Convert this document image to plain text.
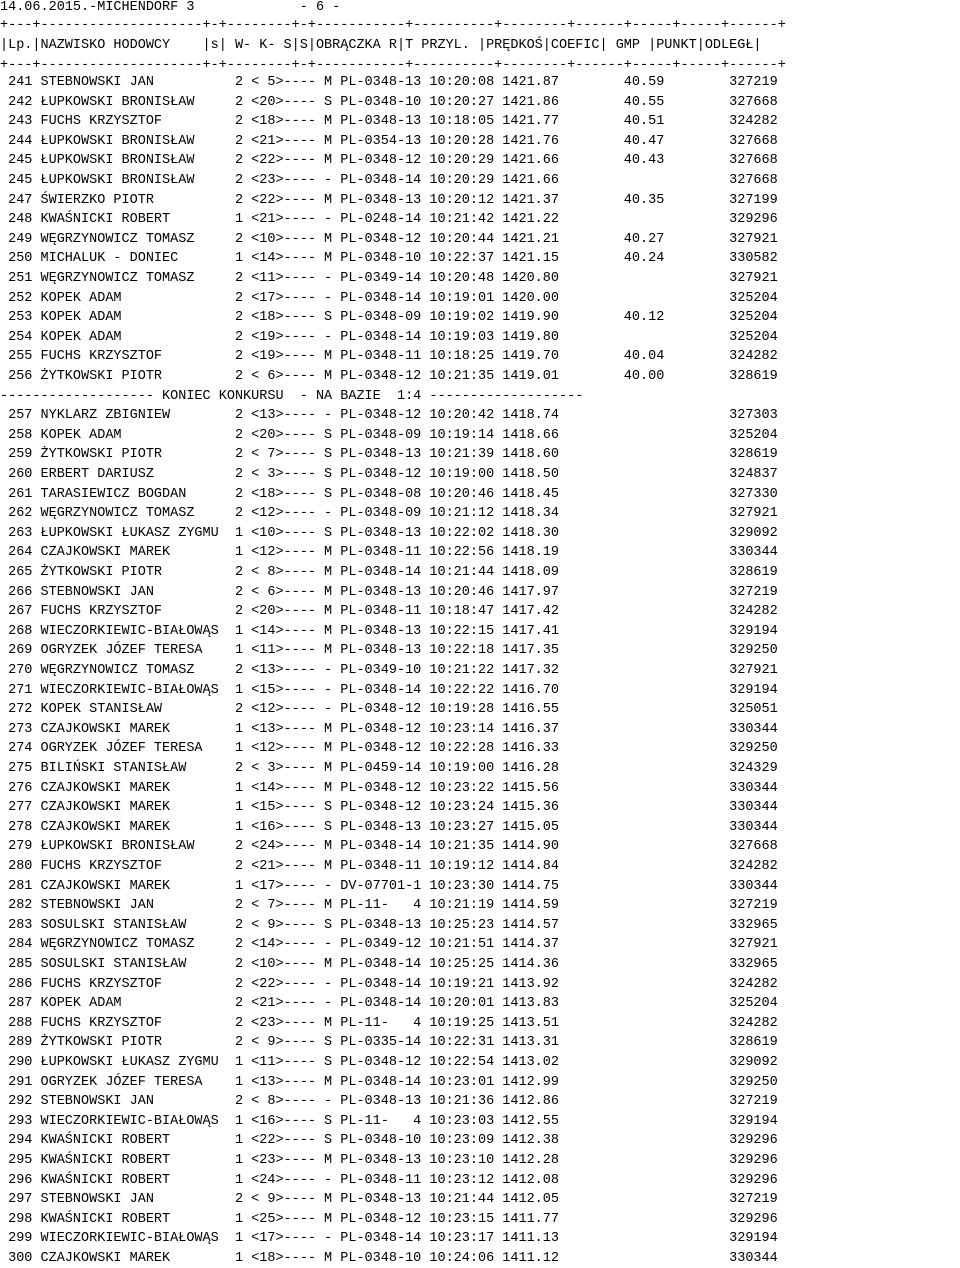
14.06.2015.-MICHENDORF 3	- 6 -
+---+--------------------+-+--------+-+-----------+----------+--------+------+-----+-----+------+
|Lp.|NAZWISKO HODOWCY    |s| W- K- S|S|OBRĄCZKA R|T PRZYL. |PRĘDKOŚ|COEFIC| GMP |PUNKT|ODLEGŁ|
+---+--------------------+-+--------+-+-----------+----------+--------+------+-----+-----+------+
241 STEBNOWSKI JAN          2 < 5>---- M PL-0348-13 10:20:08 1421.87        40.59        327219
242 ŁUPKOWSKI BRONISŁAW     2 <20>---- S PL-0348-10 10:20:27 1421.86        40.55        327668
243 FUCHS KRZYSZTOF         2 <18>---- M PL-0348-13 10:18:05 1421.77        40.51        324282
244 ŁUPKOWSKI BRONISŁAW     2 <21>---- M PL-0354-13 10:20:28 1421.76        40.47        327668
245 ŁUPKOWSKI BRONISŁAW     2 <22>---- M PL-0348-12 10:20:29 1421.66        40.43        327668
245 ŁUPKOWSKI BRONISŁAW     2 <23>---- - PL-0348-14 10:20:29 1421.66                     327668
247 ŚWIERZKO PIOTR          2 <22>---- M PL-0348-13 10:20:12 1421.37        40.35        327199
248 KWAŚNICKI ROBERT        1 <21>---- - PL-0248-14 10:21:42 1421.22                     329296
249 WĘGRZYNOWICZ TOMASZ     2 <10>---- M PL-0348-12 10:20:44 1421.21        40.27        327921
250 MICHALUK - DONIEC       1 <14>---- M PL-0348-10 10:22:37 1421.15        40.24        330582
251 WĘGRZYNOWICZ TOMASZ     2 <11>---- - PL-0349-14 10:20:48 1420.80                     327921
252 KOPEK ADAM              2 <17>---- - PL-0348-14 10:19:01 1420.00                     325204
253 KOPEK ADAM              2 <18>---- S PL-0348-09 10:19:02 1419.90        40.12        325204
254 KOPEK ADAM              2 <19>---- - PL-0348-14 10:19:03 1419.80                     325204
255 FUCHS KRZYSZTOF         2 <19>---- M PL-0348-11 10:18:25 1419.70        40.04        324282
256 ŻYTKOWSKI PIOTR         2 < 6>---- M PL-0348-12 10:21:35 1419.01        40.00        328619
------------------- KONIEC KONKURSU  - NA BAZIE  1:4 -------------------
257 NYKLARZ ZBIGNIEW        2 <13>---- - PL-0348-12 10:20:42 1418.74                     327303
258 KOPEK ADAM              2 <20>---- S PL-0348-09 10:19:14 1418.66                     325204
259 ŻYTKOWSKI PIOTR         2 < 7>---- S PL-0348-13 10:21:39 1418.60                     328619
260 ERBERT DARIUSZ          2 < 3>---- S PL-0348-12 10:19:00 1418.50                     324837
261 TARASIEWICZ BOGDAN      2 <18>---- S PL-0348-08 10:20:46 1418.45                     327330
262 WĘGRZYNOWICZ TOMASZ     2 <12>---- - PL-0348-09 10:21:12 1418.34                     327921
263 ŁUPKOWSKI ŁUKASZ ZYGMU  1 <10>---- S PL-0348-13 10:22:02 1418.30                     329092
264 CZAJKOWSKI MAREK        1 <12>---- M PL-0348-11 10:22:56 1418.19                     330344
265 ŻYTKOWSKI PIOTR         2 < 8>---- M PL-0348-14 10:21:44 1418.09                     328619
266 STEBNOWSKI JAN          2 < 6>---- M PL-0348-13 10:20:46 1417.97                     327219
267 FUCHS KRZYSZTOF         2 <20>---- M PL-0348-11 10:18:47 1417.42                     324282
268 WIECZORKIEWIC-BIAŁOWĄS  1 <14>---- M PL-0348-13 10:22:15 1417.41                     329194
269 OGRYZEK JÓZEF TERESA    1 <11>---- M PL-0348-13 10:22:18 1417.35                     329250
270 WĘGRZYNOWICZ TOMASZ     2 <13>---- - PL-0349-10 10:21:22 1417.32                     327921
271 WIECZORKIEWIC-BIAŁOWĄS  1 <15>---- - PL-0348-14 10:22:22 1416.70                     329194
272 KOPEK STANISŁAW         2 <12>---- - PL-0348-12 10:19:28 1416.55                     325051
273 CZAJKOWSKI MAREK        1 <13>---- M PL-0348-12 10:23:14 1416.37                     330344
274 OGRYZEK JÓZEF TERESA    1 <12>---- M PL-0348-12 10:22:28 1416.33                     329250
275 BILIŃSKI STANISŁAW      2 < 3>---- M PL-0459-14 10:19:00 1416.28                     324329
276 CZAJKOWSKI MAREK        1 <14>---- M PL-0348-12 10:23:22 1415.56                     330344
277 CZAJKOWSKI MAREK        1 <15>---- S PL-0348-12 10:23:24 1415.36                     330344
278 CZAJKOWSKI MAREK        1 <16>---- S PL-0348-13 10:23:27 1415.05                     330344
279 ŁUPKOWSKI BRONISŁAW     2 <24>---- M PL-0348-14 10:21:35 1414.90                     327668
280 FUCHS KRZYSZTOF         2 <21>---- M PL-0348-11 10:19:12 1414.84                     324282
281 CZAJKOWSKI MAREK        1 <17>---- - DV-07701-1 10:23:30 1414.75                     330344
282 STEBNOWSKI JAN          2 < 7>---- M PL-11-   4 10:21:19 1414.59                     327219
283 SOSULSKI STANISŁAW      2 < 9>---- S PL-0348-13 10:25:23 1414.57                     332965
284 WĘGRZYNOWICZ TOMASZ     2 <14>---- - PL-0349-12 10:21:51 1414.37                     327921
285 SOSULSKI STANISŁAW      2 <10>---- M PL-0348-14 10:25:25 1414.36                     332965
286 FUCHS KRZYSZTOF         2 <22>---- - PL-0348-14 10:19:21 1413.92                     324282
287 KOPEK ADAM              2 <21>---- - PL-0348-14 10:20:01 1413.83                     325204
288 FUCHS KRZYSZTOF         2 <23>---- M PL-11-   4 10:19:25 1413.51                     324282
289 ŻYTKOWSKI PIOTR         2 < 9>---- S PL-0335-14 10:22:31 1413.31                     328619
290 ŁUPKOWSKI ŁUKASZ ZYGMU  1 <11>---- S PL-0348-12 10:22:54 1413.02                     329092
291 OGRYZEK JÓZEF TERESA    1 <13>---- M PL-0348-14 10:23:01 1412.99                     329250
292 STEBNOWSKI JAN          2 < 8>---- - PL-0348-13 10:21:36 1412.86                     327219
293 WIECZORKIEWIC-BIAŁOWĄS  1 <16>---- S PL-11-   4 10:23:03 1412.55                     329194
294 KWAŚNICKI ROBERT        1 <22>---- S PL-0348-10 10:23:09 1412.38                     329296
295 KWAŚNICKI ROBERT        1 <23>---- M PL-0348-13 10:23:10 1412.28                     329296
296 KWAŚNICKI ROBERT        1 <24>---- - PL-0348-11 10:23:12 1412.08                     329296
297 STEBNOWSKI JAN          2 < 9>---- M PL-0348-13 10:21:44 1412.05                     327219
298 KWAŚNICKI ROBERT        1 <25>---- M PL-0348-12 10:23:15 1411.77                     329296
299 WIECZORKIEWIC-BIAŁOWĄS  1 <17>---- - PL-0348-14 10:23:17 1411.13                     329194
300 CZAJKOWSKI MAREK        1 <18>---- M PL-0348-10 10:24:06 1411.12                     330344
